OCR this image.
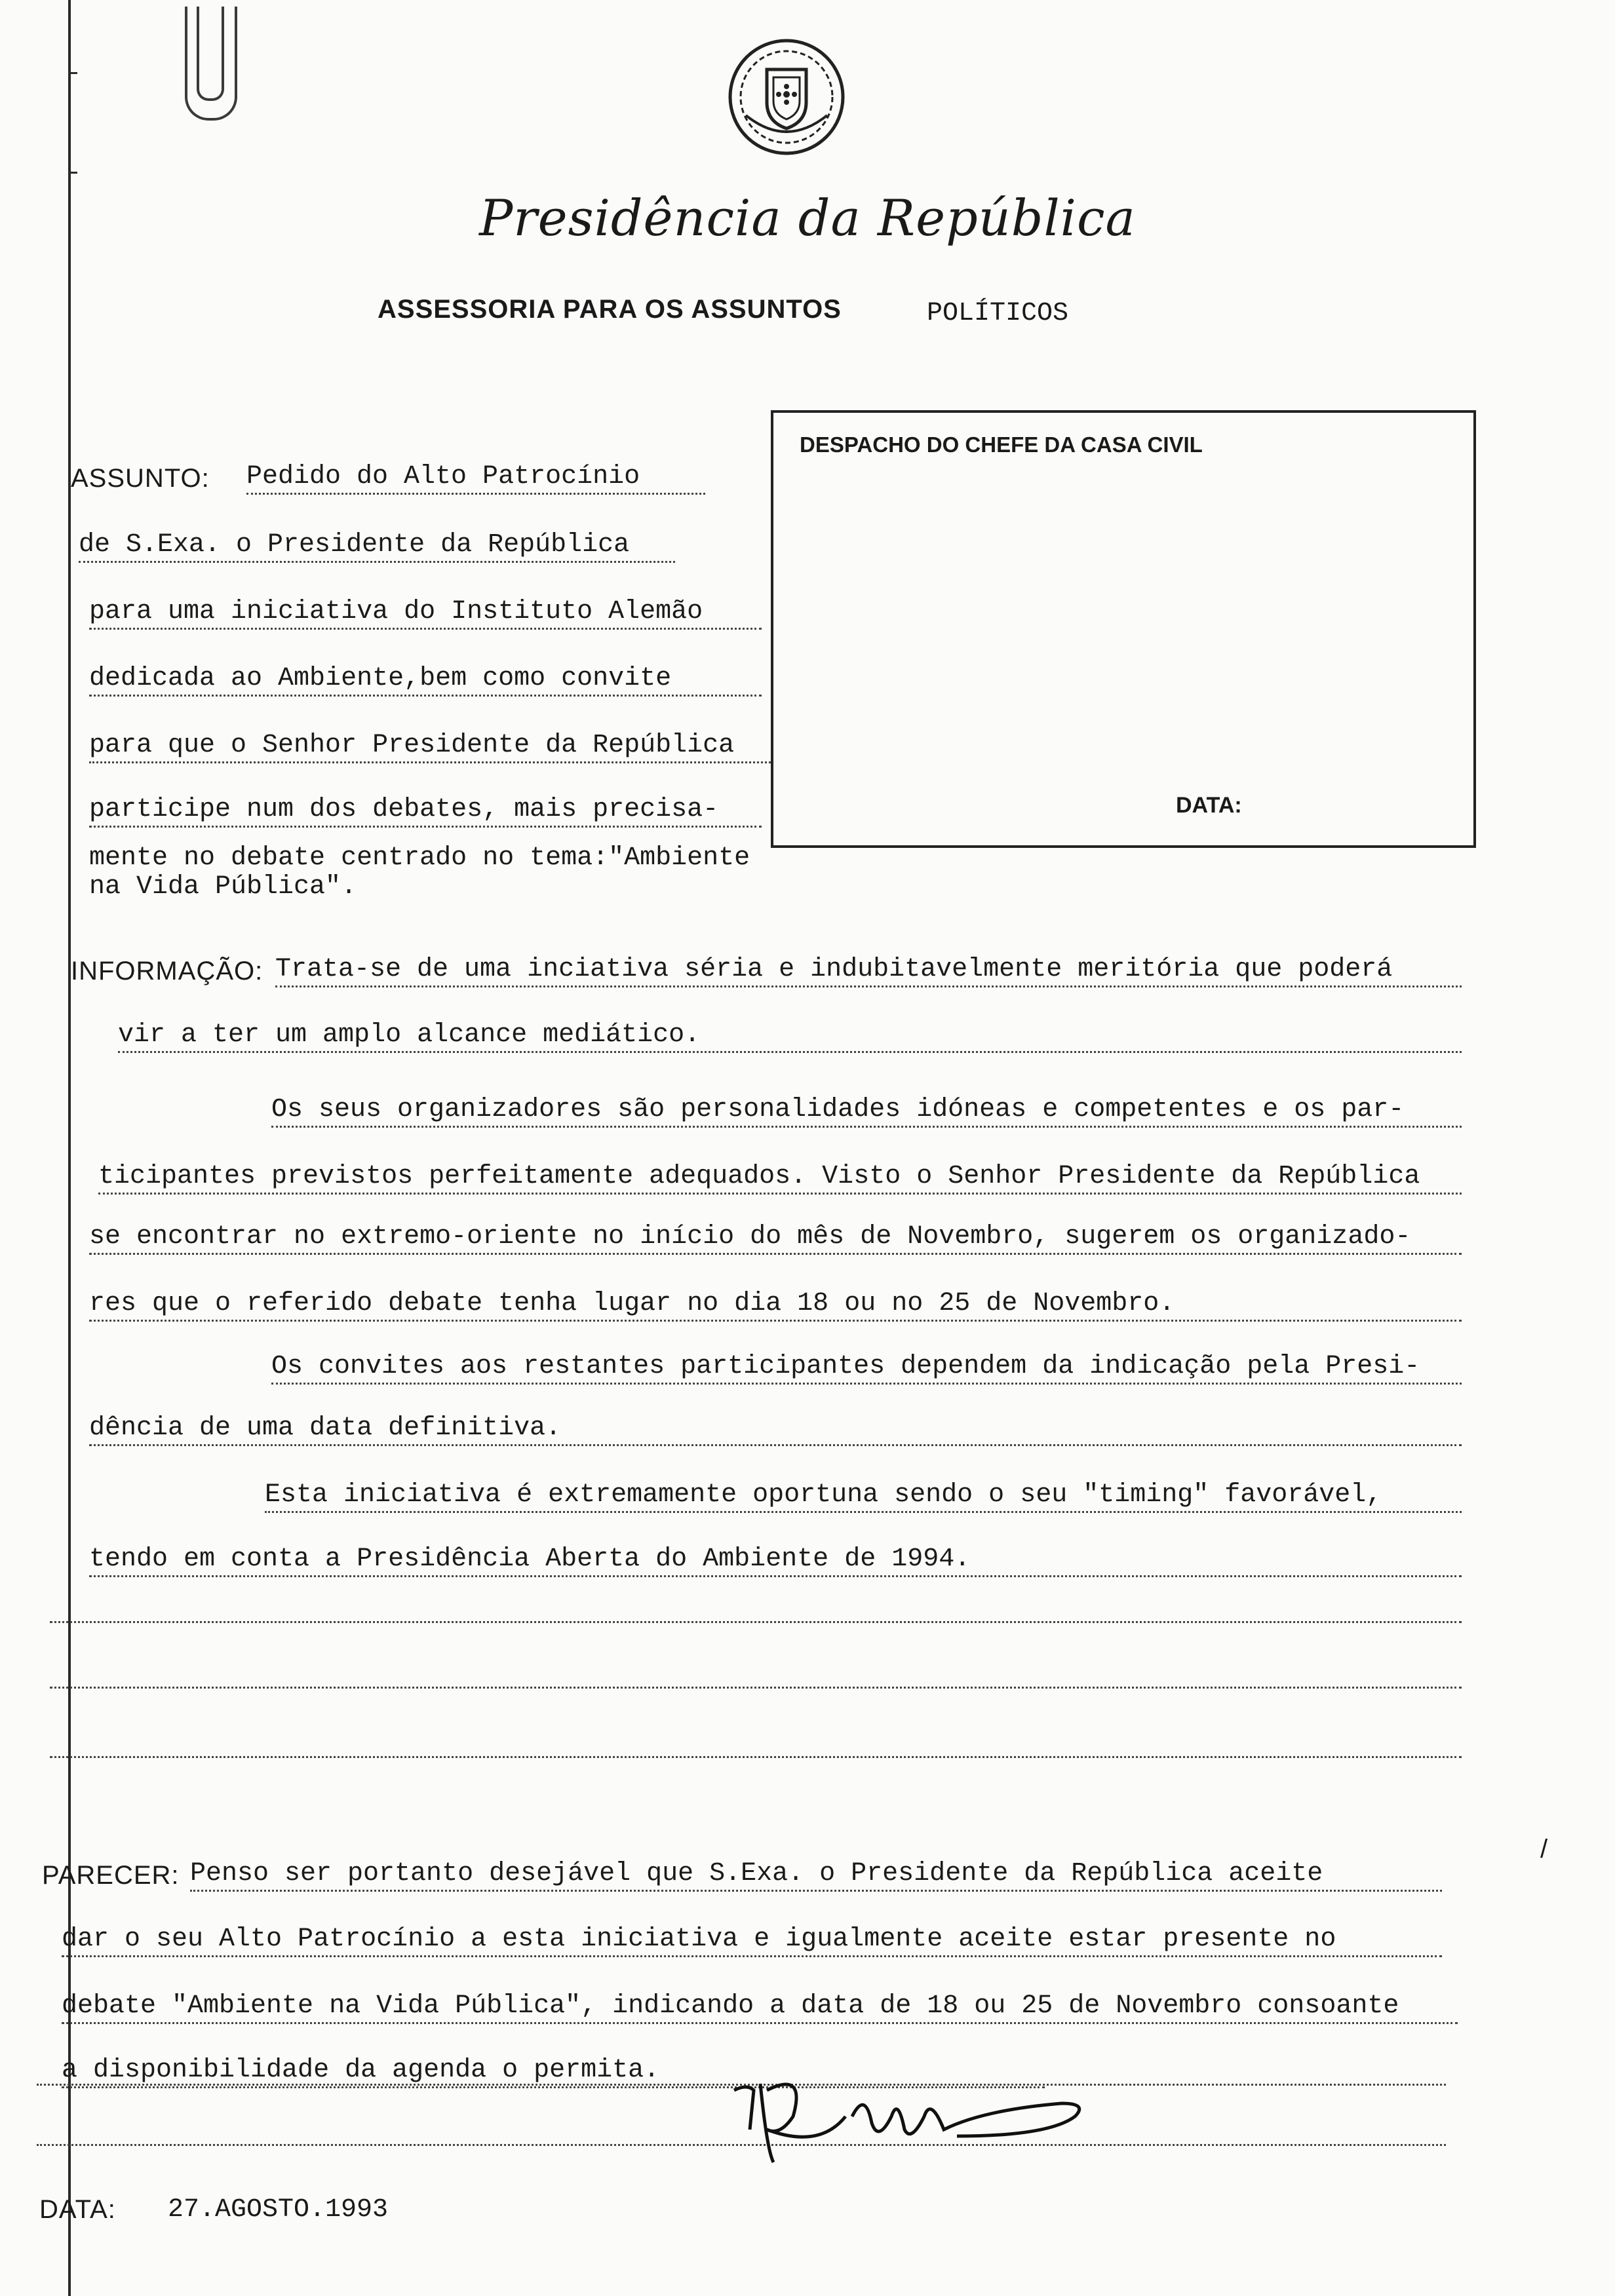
Presidência da República
ASSESSORIA PARA OS ASSUNTOS	POLÍTICOS
DESPACHO DO CHEFE DA CASA CIVIL
DATA:
ASSUNTO: Pedido do Alto Patrocínio
de S.Exa. o Presidente da República
para uma iniciativa do Instituto Alemão
dedicada ao Ambiente,bem como convite
para que o Senhor Presidente da República
participe num dos debates, mais precisa-
mente no debate centrado no tema:"Ambiente
na Vida Pública".
INFORMAÇÃO: Trata-se de uma inciativa séria e indubitavelmente meritória que poderá
vir a ter um amplo alcance mediático.
Os seus organizadores são personalidades idóneas e competentes e os par-
ticipantes previstos perfeitamente adequados. Visto o Senhor Presidente da República
se encontrar no extremo-oriente no início do mês de Novembro, sugerem os organizado-
res que o referido debate tenha lugar no dia 18 ou no 25 de Novembro.
Os convites aos restantes participantes dependem da indicação pela Presi-
dência de uma data definitiva.
Esta iniciativa é extremamente oportuna sendo o seu "timing" favorável,
tendo em conta a Presidência Aberta do Ambiente de 1994.
PARECER: Penso ser portanto desejável que S.Exa. o Presidente da República aceite
dar o seu Alto Patrocínio a esta iniciativa e igualmente aceite estar presente no
debate "Ambiente na Vida Pública", indicando a data de 18 ou 25 de Novembro consoante
a disponibilidade da agenda o permita.
DATA: 27.AGOSTO.1993
/
